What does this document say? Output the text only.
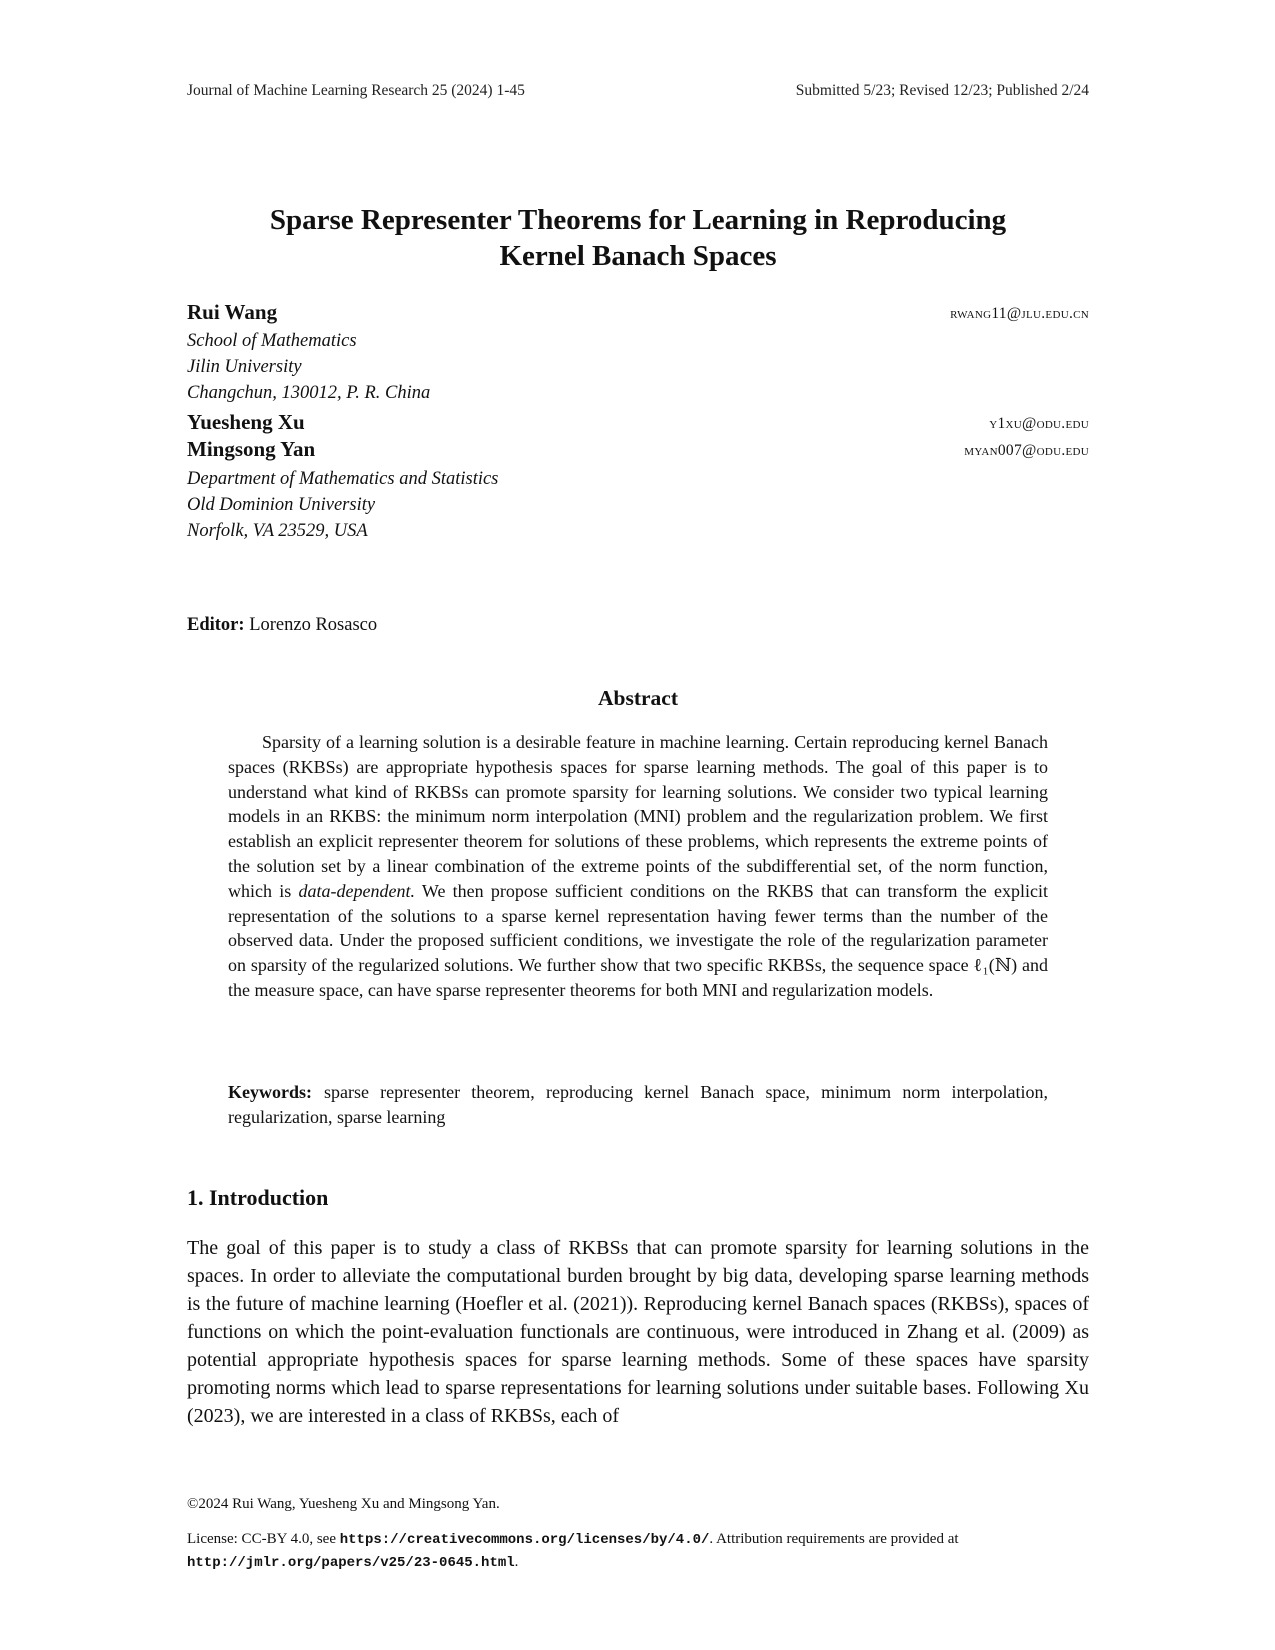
Journal of Machine Learning Research 25 (2024) 1-45	Submitted 5/23; Revised 12/23; Published 2/24
Sparse Representer Theorems for Learning in Reproducing
Kernel Banach Spaces
Rui Wang	rwang11@jlu.edu.cn
School of Mathematics
Jilin University
Changchun, 130012, P. R. China
Yuesheng Xu	y1xu@odu.edu
Mingsong Yan	myan007@odu.edu
Department of Mathematics and Statistics
Old Dominion University
Norfolk, VA 23529, USA
Editor: Lorenzo Rosasco
Abstract
Sparsity of a learning solution is a desirable feature in machine learning. Certain reproducing kernel Banach spaces (RKBSs) are appropriate hypothesis spaces for sparse learning methods. The goal of this paper is to understand what kind of RKBSs can promote sparsity for learning solutions. We consider two typical learning models in an RKBS: the minimum norm interpolation (MNI) problem and the regularization problem. We first establish an explicit representer theorem for solutions of these problems, which represents the extreme points of the solution set by a linear combination of the extreme points of the subdifferential set, of the norm function, which is data-dependent. We then propose sufficient conditions on the RKBS that can transform the explicit representation of the solutions to a sparse kernel representation having fewer terms than the number of the observed data. Under the proposed sufficient conditions, we investigate the role of the regularization parameter on sparsity of the regularized solutions. We further show that two specific RKBSs, the sequence space ℓ₁(ℕ) and the measure space, can have sparse representer theorems for both MNI and regularization models.
Keywords: sparse representer theorem, reproducing kernel Banach space, minimum norm interpolation, regularization, sparse learning
1. Introduction
The goal of this paper is to study a class of RKBSs that can promote sparsity for learning solutions in the spaces. In order to alleviate the computational burden brought by big data, developing sparse learning methods is the future of machine learning (Hoefler et al. (2021)). Reproducing kernel Banach spaces (RKBSs), spaces of functions on which the point-evaluation functionals are continuous, were introduced in Zhang et al. (2009) as potential appropriate hypothesis spaces for sparse learning methods. Some of these spaces have sparsity promoting norms which lead to sparse representations for learning solutions under suitable bases. Following Xu (2023), we are interested in a class of RKBSs, each of
©2024 Rui Wang, Yuesheng Xu and Mingsong Yan.
License: CC-BY 4.0, see https://creativecommons.org/licenses/by/4.0/. Attribution requirements are provided at http://jmlr.org/papers/v25/23-0645.html.
